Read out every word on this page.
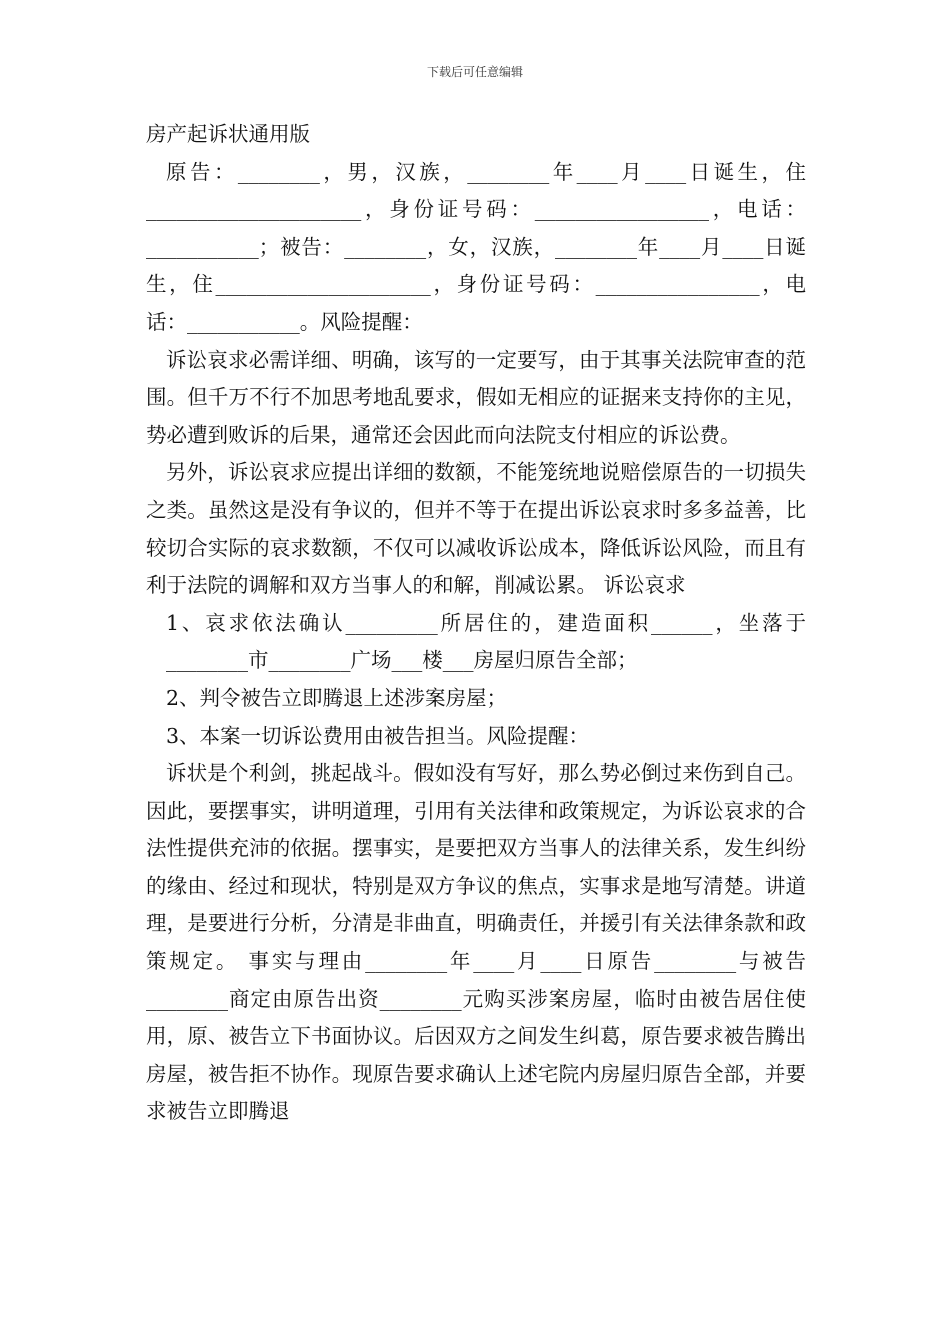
下载后可任意编辑

房产起诉状通用版

原告：________，男，汉族，________年____月____日诞生，住_____________________，身份证号码：_________________，电话：___________；被告：________，女，汉族，________年____月____日诞生，住_____________________，身份证号码：________________，电话：___________。风险提醒：

诉讼哀求必需详细、明确，该写的一定要写，由于其事关法院审查的范围。但千万不行不加思考地乱要求，假如无相应的证据来支持你的主见，势必遭到败诉的后果，通常还会因此而向法院支付相应的诉讼费。

另外，诉讼哀求应提出详细的数额，不能笼统地说赔偿原告的一切损失之类。虽然这是没有争议的，但并不等于在提出诉讼哀求时多多益善，比较切合实际的哀求数额，不仅可以减收诉讼成本，降低诉讼风险，而且有利于法院的调解和双方当事人的和解，削减讼累。 诉讼哀求

1、哀求依法确认_________所居住的，建造面积______，坐落于________市________广场___楼___房屋归原告全部；

2、判令被告立即腾退上述涉案房屋；

3、本案一切诉讼费用由被告担当。风险提醒：

诉状是个利剑，挑起战斗。假如没有写好，那么势必倒过来伤到自己。因此，要摆事实，讲明道理，引用有关法律和政策规定，为诉讼哀求的合法性提供充沛的依据。摆事实，是要把双方当事人的法律关系，发生纠纷的缘由、经过和现状，特别是双方争议的焦点，实事求是地写清楚。讲道理，是要进行分析，分清是非曲直，明确责任，并援引有关法律条款和政策规定。 事实与理由________年____月____日原告________与被告________商定由原告出资________元购买涉案房屋，临时由被告居住使用，原、被告立下书面协议。后因双方之间发生纠葛，原告要求被告腾出房屋，被告拒不协作。现原告要求确认上述宅院内房屋归原告全部，并要求被告立即腾退
